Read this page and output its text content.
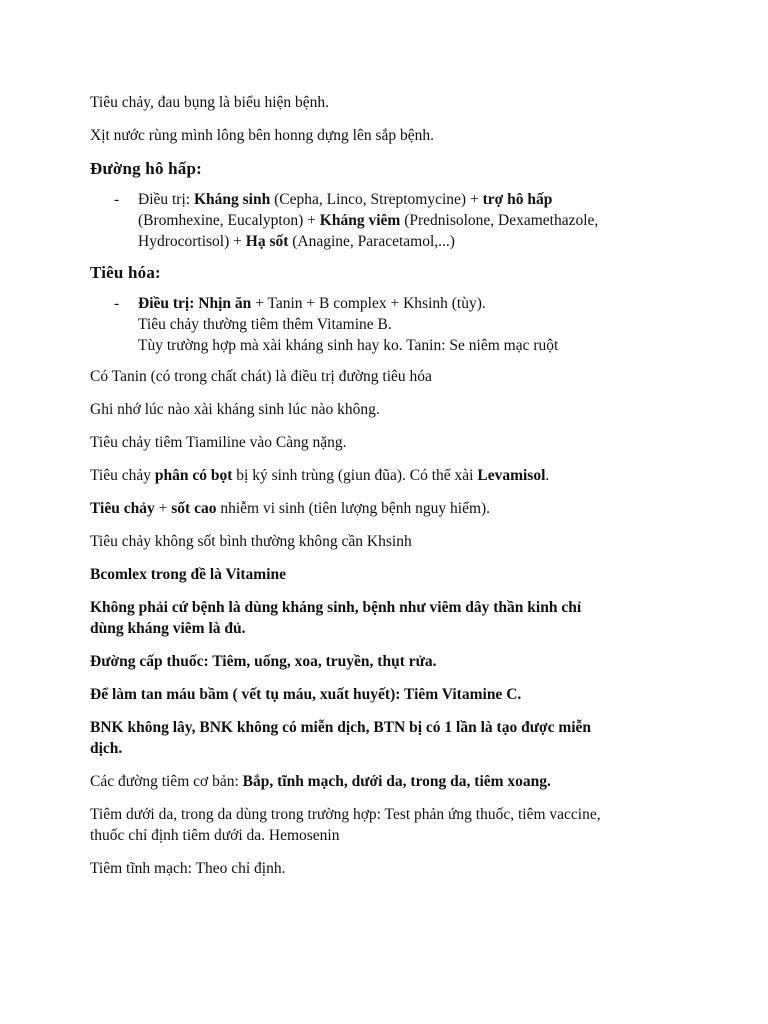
Tiêu chảy, đau bụng là biểu hiện bệnh.

Xịt nước rùng mình lông bên honng dựng lên sắp bệnh.

Đường hô hấp:

-	Điều trị: Kháng sinh (Cepha, Linco, Streptomycine) + trợ hô hấp
(Bromhexine, Eucalypton) + Kháng viêm (Prednisolone, Dexamethazole,
Hydrocortisol) + Hạ sốt (Anagine, Paracetamol,...)

Tiêu hóa:

-	Điều trị: Nhịn ăn + Tanin + B complex + Khsinh (tùy).
Tiêu chảy thường tiêm thêm Vitamine B.
Tùy trường hợp mà xài kháng sinh hay ko. Tanin: Se niêm mạc ruột

Có Tanin (có trong chất chát) là điều trị đường tiêu hóa

Ghi nhớ lúc nào xài kháng sinh lúc nào không.

Tiêu chảy tiêm Tiamiline vào Càng nặng.

Tiêu chảy phân có bọt bị ký sinh trùng (giun đũa). Có thể xài Levamisol.

Tiêu chảy + sốt cao nhiễm vi sinh (tiên lượng bệnh nguy hiểm).

Tiêu chảy không sốt bình thường không cần Khsinh

Bcomlex trong đề là Vitamine

Không phải cứ bệnh là dùng kháng sinh, bệnh như viêm dây thần kinh chỉ
dùng kháng viêm là đủ.

Đường cấp thuốc: Tiêm, uống, xoa, truyền, thụt rửa.

Để làm tan máu bầm ( vết tụ máu, xuất huyết): Tiêm Vitamine C.

BNK không lây, BNK không có miễn dịch, BTN bị có 1 lần là tạo được miễn
dịch.

Các đường tiêm cơ bản: Bắp, tĩnh mạch, dưới da, trong da, tiêm xoang.

Tiêm dưới da, trong da dùng trong trường hợp: Test phản ứng thuốc, tiêm vaccine,
thuốc chỉ định tiêm dưới da. Hemosenin

Tiêm tĩnh mạch: Theo chỉ định.
